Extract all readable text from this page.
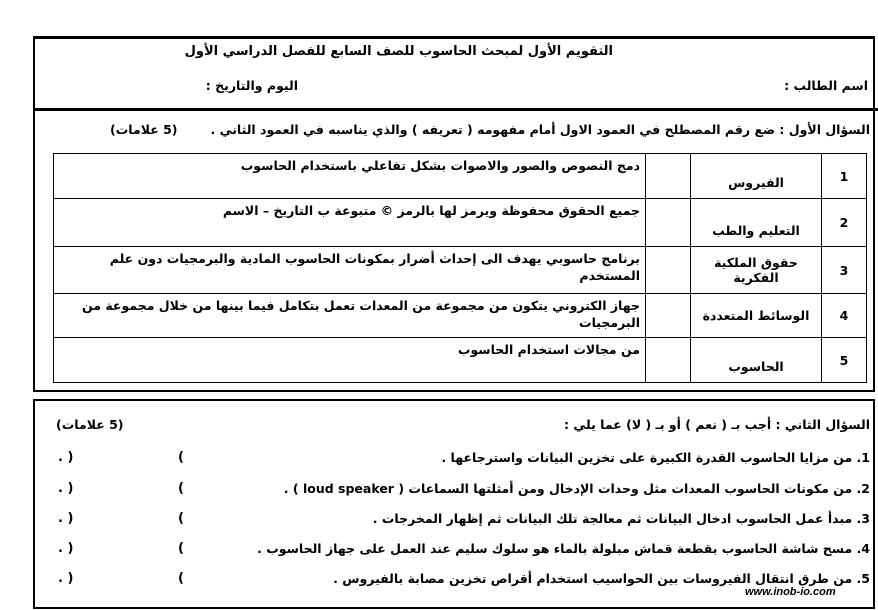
التقويم الأول لمبحث الحاسوب للصف السابع للفصل الدراسي الأول
اسم الطالب :
اليوم والتاريخ :
السؤال الأول : ضع رقم المصطلح في العمود الاول أمام مفهومه ( تعريفه ) والذي يناسبه في العمود الثاني .
(5 علامات)
1	الفيروس		دمج النصوص والصور والاصوات بشكل تفاعلي باستخدام الحاسوب
2	التعليم والطب		جميع الحقوق محفوظة ويرمز لها بالرمز © متبوعة ب التاريخ – الاسم
3	حقوق الملكية الفكرية		برنامج حاسوبي يهدف الى إحداث أضرار بمكونات الحاسوب المادية والبرمجيات دون علم المستخدم
4	الوسائط المتعددة		جهاز الكتروني يتكون من مجموعة من المعدات تعمل بتكامل فيما بينها من خلال مجموعة من البرمجيات
5	الحاسوب		من مجالات استخدام الحاسوب
السؤال الثاني : أجب بـ ( نعم ) أو بـ ( لا) عما يلي :
(5 علامات)
1. من مزايا الحاسوب القدرة الكبيرة على تخزين البيانات واسترجاعها .
2. من مكونات الحاسوب المعدات مثل وحدات الإدخال ومن أمثلتها السماعات ( loud speaker ) .
3. مبدأ عمل الحاسوب ادخال البيانات ثم معالجة تلك البيانات ثم إظهار المخرجات .
4. مسح شاشة الحاسوب بقطعة قماش مبلولة بالماء هو سلوك سليم عند العمل على جهاز الحاسوب .
5. من طرق انتقال الفيروسات بين الحواسيب استخدام أقراص تخزين مصابة بالفيروس .
. )	(
. )	(
. )	(
. )	(
. )	(
www.inob-io.com
